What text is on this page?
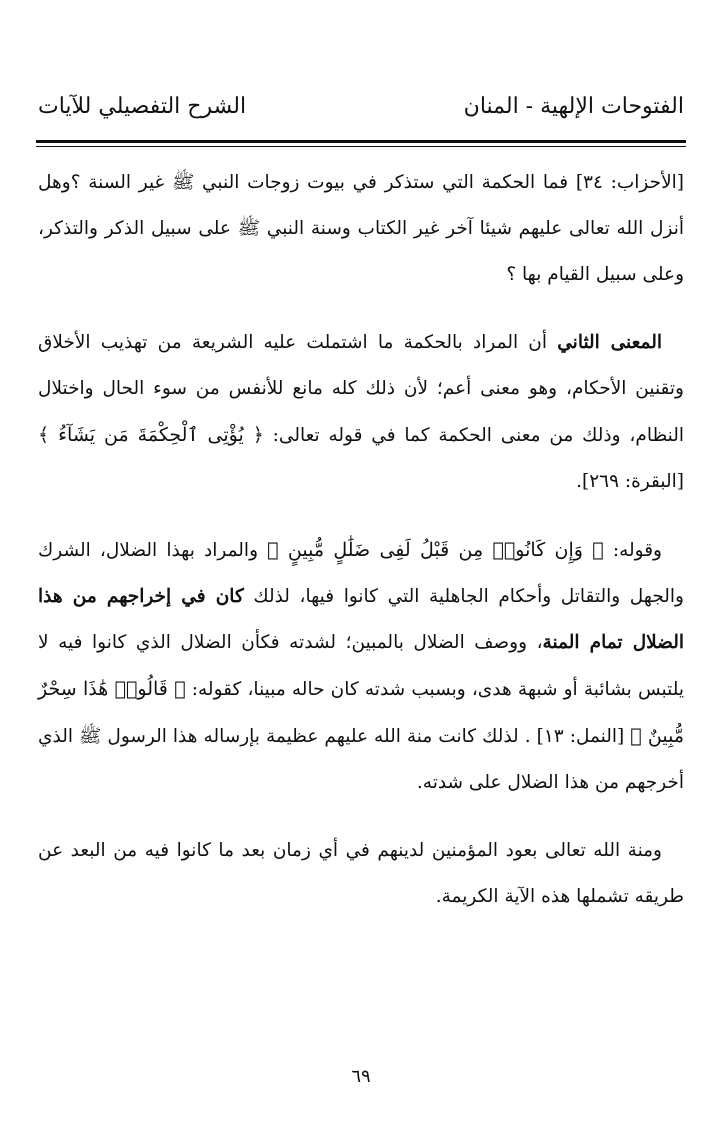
الفتوحات الإلهية - المنان
الشرح التفصيلي للآيات

[الأحزاب: ٣٤] فما الحكمة التي ستذكر في بيوت زوجات النبي ﷺ غير السنة ؟وهل أنزل الله تعالى عليهم شيئا آخر غير الكتاب وسنة النبي ﷺ على سبيل الذكر والتذكر، وعلى سبيل القيام بها ؟

المعنى الثاني أن المراد بالحكمة ما اشتملت عليه الشريعة من تهذيب الأخلاق وتقنين الأحكام، وهو معنى أعم؛ لأن ذلك كله مانع للأنفس من سوء الحال واختلال النظام، وذلك من معنى الحكمة كما في قوله تعالى: ﴿ يُؤْتِى ٱلْحِكْمَةَ مَن يَشَآءُ ﴾ [البقرة: ٢٦٩].

وقوله: ﴿ وَإِن كَانُوا۟ مِن قَبْلُ لَفِى ضَلَٰلٍ مُّبِينٍ ﴾ والمراد بهذا الضلال، الشرك والجهل والتقاتل وأحكام الجاهلية التي كانوا فيها، لذلك كان في إخراجهم من هذا الضلال تمام المنة، ووصف الضلال بالمبين؛ لشدته فكأن الضلال الذي كانوا فيه لا يلتبس بشائبة أو شبهة هدى، وبسبب شدته كان حاله مبينا، كقوله: ﴿ قَالُوا۟ هَٰذَا سِحْرٌ مُّبِينٌ ﴾ [النمل: ١٣] . لذلك كانت منة الله عليهم عظيمة بإرساله هذا الرسول ﷺ الذي أخرجهم من هذا الضلال على شدته.

ومنة الله تعالى بعود المؤمنين لدينهم في أي زمان بعد ما كانوا فيه من البعد عن طريقه تشملها هذه الآية الكريمة.

٦٩
